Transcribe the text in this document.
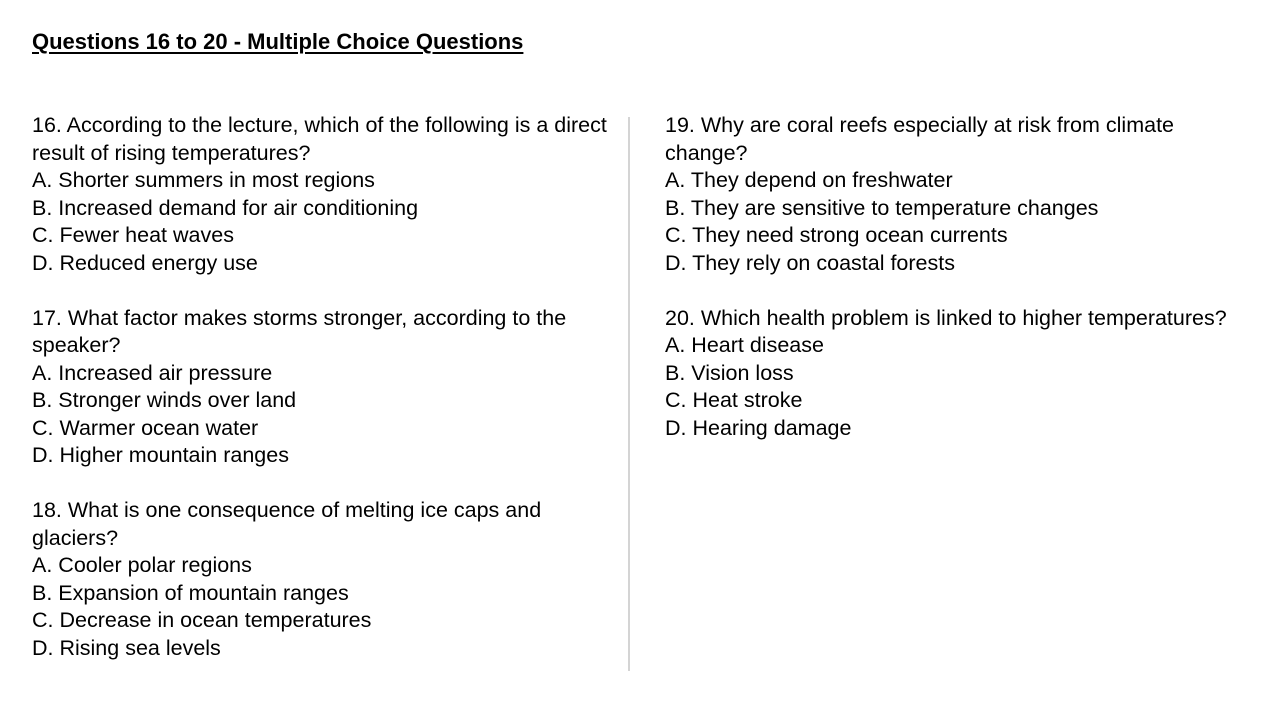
Questions 16 to 20 - Multiple Choice Questions

16. According to the lecture, which of the following is a direct result of rising temperatures?

A. Shorter summers in most regions
B. Increased demand for air conditioning
C. Fewer heat waves
D. Reduced energy use

17. What factor makes storms stronger, according to the speaker?

A. Increased air pressure
B. Stronger winds over land
C. Warmer ocean water
D. Higher mountain ranges

18. What is one consequence of melting ice caps and glaciers?

A. Cooler polar regions
B. Expansion of mountain ranges
C. Decrease in ocean temperatures
D. Rising sea levels

19. Why are coral reefs especially at risk from climate change?

A. They depend on freshwater
B. They are sensitive to temperature changes
C. They need strong ocean currents
D. They rely on coastal forests

20. Which health problem is linked to higher temperatures?

A. Heart disease
B. Vision loss
C. Heat stroke
D. Hearing damage
